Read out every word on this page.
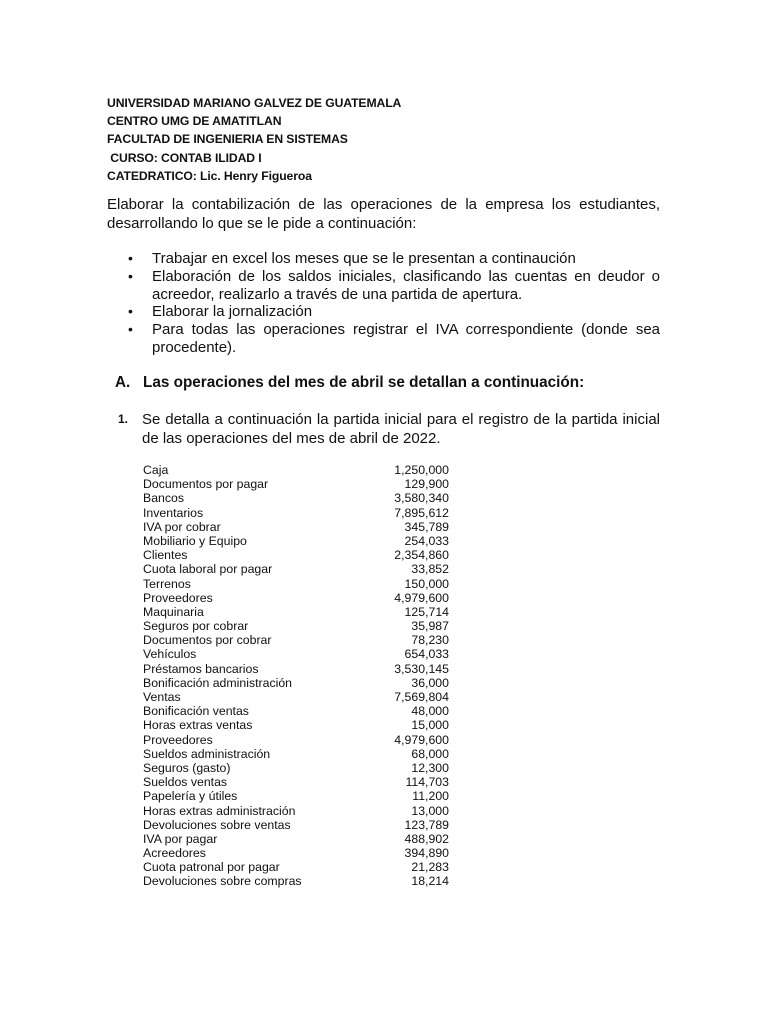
UNIVERSIDAD MARIANO GALVEZ DE GUATEMALA
CENTRO UMG DE AMATITLAN
FACULTAD DE INGENIERIA EN SISTEMAS
CURSO: CONTAB ILIDAD I
CATEDRATICO: Lic. Henry Figueroa
Elaborar la contabilización de las operaciones de la empresa los estudiantes, desarrollando lo que se le pide a continuación:
• Trabajar en excel los meses que se le presentan a continaución
• Elaboración de los saldos iniciales, clasificando las cuentas en deudor o acreedor, realizarlo a través de una partida de apertura.
• Elaborar la jornalización
• Para todas las operaciones registrar el IVA correspondiente (donde sea procedente).
A. Las operaciones del mes de abril se detallan a continuación:
1. Se detalla a continuación la partida inicial para el registro de la partida inicial de las operaciones del mes de abril de 2022.
Caja	1,250,000
Documentos por pagar	129,900
Bancos	3,580,340
Inventarios	7,895,612
IVA por cobrar	345,789
Mobiliario y Equipo	254,033
Clientes	2,354,860
Cuota laboral por pagar	33,852
Terrenos	150,000
Proveedores	4,979,600
Maquinaria	125,714
Seguros por cobrar	35,987
Documentos por cobrar	78,230
Vehículos	654,033
Préstamos bancarios	3,530,145
Bonificación administración	36,000
Ventas	7,569,804
Bonificación ventas	48,000
Horas extras ventas	15,000
Proveedores	4,979,600
Sueldos administración	68,000
Seguros (gasto)	12,300
Sueldos ventas	114,703
Papelería y útiles	11,200
Horas extras administración	13,000
Devoluciones sobre ventas	123,789
IVA por pagar	488,902
Acreedores	394,890
Cuota patronal por pagar	21,283
Devoluciones sobre compras	18,214
